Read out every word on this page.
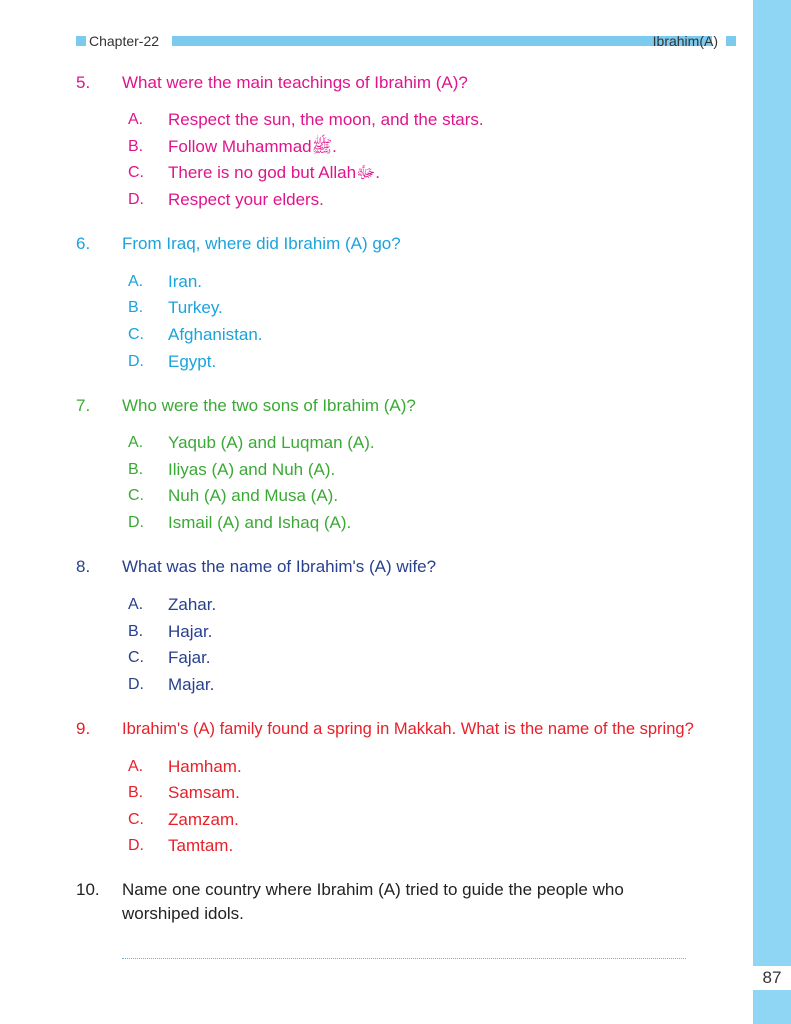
87
Chapter-22	Ibrahim(A)
5. What were the main teachings of Ibrahim (A)?
A. Respect the sun, the moon, and the stars.
B. Follow Muhammadﷺ.
C. There is no god but Allahﷻ.
D. Respect your elders.
6. From Iraq, where did Ibrahim (A) go?
A. Iran.
B. Turkey.
C. Afghanistan.
D. Egypt.
7. Who were the two sons of Ibrahim (A)?
A. Yaqub (A) and Luqman (A).
B. Iliyas (A) and Nuh (A).
C. Nuh (A) and Musa (A).
D. Ismail (A) and Ishaq (A).
8. What was the name of Ibrahim's (A) wife?
A. Zahar.
B. Hajar.
C. Fajar.
D. Majar.
9. Ibrahim's (A) family found a spring in Makkah. What is the name of the spring?
A. Hamham.
B. Samsam.
C. Zamzam.
D. Tamtam.
10. Name one country where Ibrahim (A) tried to guide the people who worshiped idols.
